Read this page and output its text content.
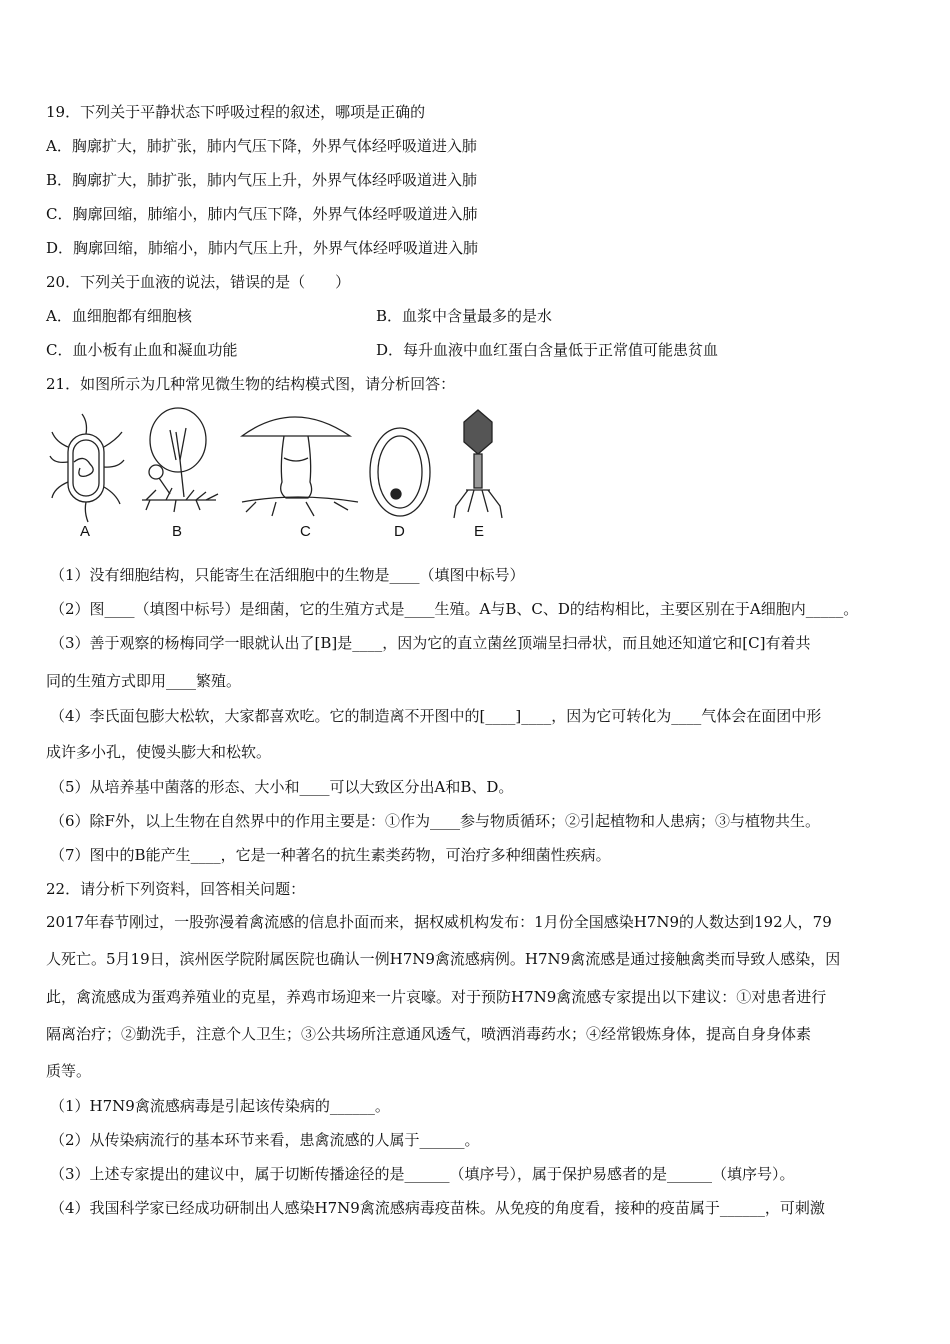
19．下列关于平静状态下呼吸过程的叙述，哪项是正确的
A．胸廓扩大，肺扩张，肺内气压下降，外界气体经呼吸道进入肺
B．胸廓扩大，肺扩张，肺内气压上升，外界气体经呼吸道进入肺
C．胸廓回缩，肺缩小，肺内气压下降，外界气体经呼吸道进入肺
D．胸廓回缩，肺缩小，肺内气压上升，外界气体经呼吸道进入肺
20．下列关于血液的说法，错误的是（　　）
A．血细胞都有细胞核	B．血浆中含量最多的是水
C．血小板有止血和凝血功能	D．每升血液中血红蛋白含量低于正常值可能患贫血
21．如图所示为几种常见微生物的结构模式图，请分析回答：
A	B	C	D	E
（1）没有细胞结构，只能寄生在活细胞中的生物是____（填图中标号）
（2）图____（填图中标号）是细菌，它的生殖方式是____生殖。A与B、C、D的结构相比，主要区别在于A细胞内_____。
（3）善于观察的杨梅同学一眼就认出了[B]是____，因为它的直立菌丝顶端呈扫帚状，而且她还知道它和[C]有着共
同的生殖方式即用____繁殖。
（4）李氏面包膨大松软，大家都喜欢吃。它的制造离不开图中的[____]____，因为它可转化为____气体会在面团中形
成许多小孔，使馒头膨大和松软。
（5）从培养基中菌落的形态、大小和____可以大致区分出A和B、D。
（6）除F外，以上生物在自然界中的作用主要是：①作为____参与物质循环；②引起植物和人患病；③与植物共生。
（7）图中的B能产生____，它是一种著名的抗生素类药物，可治疗多种细菌性疾病。
22．请分析下列资料，回答相关问题：
2017年春节刚过，一股弥漫着禽流感的信息扑面而来，据权威机构发布：1月份全国感染H7N9的人数达到192人，79
人死亡。5月19日，滨州医学院附属医院也确认一例H7N9禽流感病例。H7N9禽流感是通过接触禽类而导致人感染，因
此，禽流感成为蛋鸡养殖业的克星，养鸡市场迎来一片哀嚎。对于预防H7N9禽流感专家提出以下建议：①对患者进行
隔离治疗；②勤洗手，注意个人卫生；③公共场所注意通风透气，喷洒消毒药水；④经常锻炼身体，提高自身身体素
质等。
（1）H7N9禽流感病毒是引起该传染病的______。
（2）从传染病流行的基本环节来看，患禽流感的人属于______。
（3）上述专家提出的建议中，属于切断传播途径的是______（填序号），属于保护易感者的是______（填序号）。
（4）我国科学家已经成功研制出人感染H7N9禽流感病毒疫苗株。从免疫的角度看，接种的疫苗属于______，可刺激
